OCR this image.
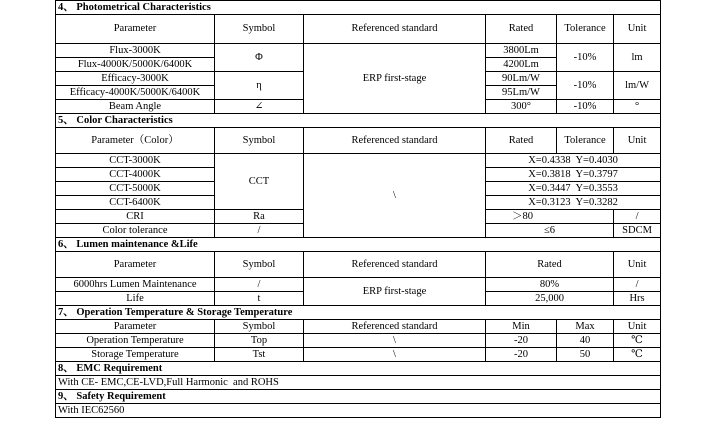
4、 Photometrical Characteristics					
Parameter	Symbol	Referenced standard	Rated	Tolerance	Unit
Flux-3000K	Φ	ERP first-stage	3800Lm	-10%	lm
Flux-4000K/5000K/6400K			4200Lm		
Efficacy-3000K	η		90Lm/W	-10%	lm/W
Efficacy-4000K/5000K/6400K			95Lm/W		
Beam Angle	∠		300°	-10%	°
5、 Color Characteristics					
Parameter（Color）	Symbol	Referenced standard	Rated	Tolerance	Unit
CCT-3000K	CCT	\	X=0.4338  Y=0.4030		
CCT-4000K			X=0.3818  Y=0.3797		
CCT-5000K			X=0.3447  Y=0.3553		
CCT-6400K			X=0.3123  Y=0.3282		
CRI	Ra		＞80		/
Color tolerance	/		≤6		SDCM
6、 Lumen maintenance &Life					
Parameter	Symbol	Referenced standard	Rated		Unit
6000hrs Lumen Maintenance	/	ERP first-stage	80%		/
Life	t		25,000		Hrs
7、 Operation Temperature & Storage Temperature					
Parameter	Symbol	Referenced standard	Min	Max	Unit
Operation Temperature	Top	\	-20	40	℃
Storage Temperature	Tst	\	-20	50	℃
8、 EMC Requirement					
With CE- EMC,CE-LVD,Full Harmonic  and ROHS					
9、 Safety Requirement					
With IEC62560					
